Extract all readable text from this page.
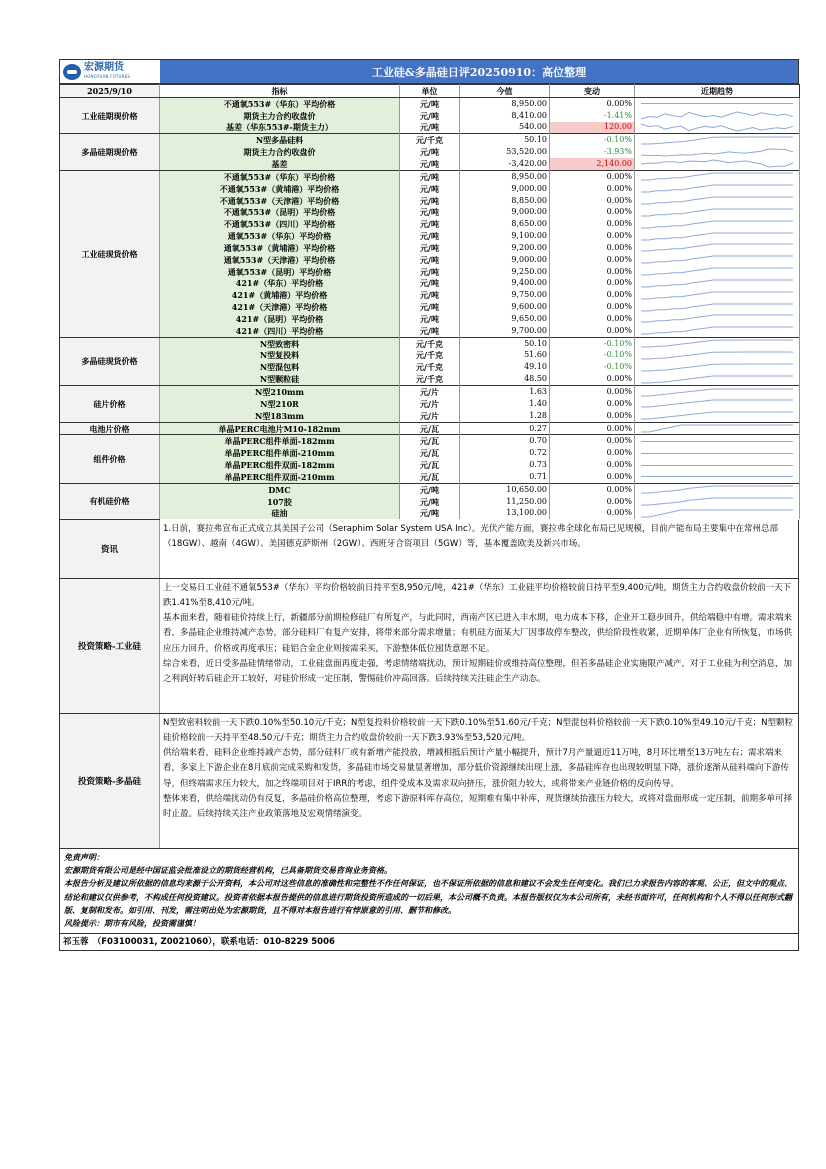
宏源期货
HONGYUAN FUTURES	工业硅&多晶硅日评20250910：高位整理
2025/9/10	指标	单位	今值	变动	近期趋势
工业硅期现价格	不通氧553#（华东）平均价格	元/吨	8,950.00	0.00%	

	期货主力合约收盘价	元/吨	8,410.00	-1.41%	

	基差（华东553#-期货主力）	元/吨	540.00	120.00	

多晶硅期现价格	N型多晶硅料	元/千克	50.10	-0.10%	

	期货主力合约收盘价	元/吨	53,520.00	-3.93%	

	基差	元/吨	-3,420.00	2,140.00	

工业硅现货价格	不通氧553#（华东）平均价格	元/吨	8,950.00	0.00%	

	不通氧553#（黄埔港）平均价格	元/吨	9,000.00	0.00%	

	不通氧553#（天津港）平均价格	元/吨	8,850.00	0.00%	

	不通氧553#（昆明）平均价格	元/吨	9,000.00	0.00%	

	不通氧553#（四川）平均价格	元/吨	8,650.00	0.00%	

	通氧553#（华东）平均价格	元/吨	9,100.00	0.00%	

	通氧553#（黄埔港）平均价格	元/吨	9,200.00	0.00%	

	通氧553#（天津港）平均价格	元/吨	9,000.00	0.00%	

	通氧553#（昆明）平均价格	元/吨	9,250.00	0.00%	

	421#（华东）平均价格	元/吨	9,400.00	0.00%	

	421#（黄埔港）平均价格	元/吨	9,750.00	0.00%	

	421#（天津港）平均价格	元/吨	9,600.00	0.00%	

	421#（昆明）平均价格	元/吨	9,650.00	0.00%	

	421#（四川）平均价格	元/吨	9,700.00	0.00%	

多晶硅现货价格	N型致密料	元/千克	50.10	-0.10%	

	N型复投料	元/千克	51.60	-0.10%	

	N型混包料	元/千克	49.10	-0.10%	

	N型颗粒硅	元/千克	48.50	0.00%	

硅片价格	N型210mm	元/片	1.63	0.00%	

	N型210R	元/片	1.40	0.00%	

	N型183mm	元/片	1.28	0.00%	

电池片价格	单晶PERC电池片M10-182mm	元/瓦	0.27	0.00%	

组件价格	单晶PERC组件单面-182mm	元/瓦	0.70	0.00%	

	单晶PERC组件单面-210mm	元/瓦	0.72	0.00%	

	单晶PERC组件双面-182mm	元/瓦	0.73	0.00%	

	单晶PERC组件双面-210mm	元/瓦	0.71	0.00%	

有机硅价格	DMC	元/吨	10,650.00	0.00%	

	107胶	元/吨	11,250.00	0.00%	

	硅油	元/吨	13,100.00	0.00%	
资讯

1.日前，赛拉弗宣布正式成立其美国子公司（Seraphim Solar System USA Inc）。光伏产能方面，赛拉弗全球化布局已见规模，目前产能布局主要集中在常州总部（18GW）、越南（4GW）、美国德克萨斯州（2GW）、西班牙合资项目（5GW）等，基本覆盖欧美及新兴市场。

投资策略-工业硅

上一交易日工业硅不通氧553#（华东）平均价格较前日持平至8,950元/吨，421#（华东）工业硅平均价格较前日持平至9,400元/吨，期货主力合约收盘价较前一天下跌1.41%至8,410元/吨。

基本面来看，随着硅价持续上行，新疆部分前期检修硅厂有所复产，与此同时，西南产区已进入丰水期，电力成本下移，企业开工稳步回升，供给端稳中有增。需求端来看，多晶硅企业维持减产态势，部分硅料厂有复产安排，将带来部分需求增量；有机硅方面某大厂因事故停车整改，供给阶段性收紧，近期单体厂企业有所恢复，市场供应压力回升，价格或再度承压；硅铝合金企业则按需采买，下游整体低位囤货意愿不足。

综合来看，近日受多晶硅情绪带动，工业硅盘面再度走强，考虑情绪端扰动，预计短期硅价或维持高位整理，但若多晶硅企业实施限产减产，对于工业硅为利空消息，加之利润好转后硅企开工较好，对硅价形成一定压制，警惕硅价冲高回落。后续持续关注硅企生产动态。

投资策略-多晶硅

N型致密料较前一天下跌0.10%至50.10元/千克；N型复投料价格较前一天下跌0.10%至51.60元/千克；N型混包料价格较前一天下跌0.10%至49.10元/千克；N型颗粒硅价格较前一天持平至48.50元/千克；期货主力合约收盘价较前一天下跌3.93%至53,520元/吨。

供给端来看，硅料企业维持减产态势，部分硅料厂或有新增产能投放，增减相抵后预计产量小幅提升，预计7月产量逼近11万吨，8月环比增至13万吨左右；需求端来看，多家上下游企业在8月底前完成采购和发货，多晶硅市场交易量显著增加，部分低价资源继续出现上涨，多晶硅库存也出现较明显下降，涨价逐渐从硅料端向下游传导，但终端需求压力较大，加之终端项目对于IRR的考虑，组件受成本及需求双向挤压，涨价阻力较大，或将带来产业链价格的反向传导。

整体来看，供给端扰动仍有反复，多晶硅价格高位整理，考虑下游原料库存高位，短期难有集中补库，现货继续抬涨压力较大，或将对盘面形成一定压制，前期多单可择时止盈。后续持续关注产业政策落地及宏观情绪演变。

免责声明：

宏源期货有限公司是经中国证监会批准设立的期货经营机构，已具备期货交易咨询业务资格。

本报告分析及建议所依据的信息均来源于公开资料，本公司对这些信息的准确性和完整性不作任何保证，也不保证所依据的信息和建议不会发生任何变化。我们已力求报告内容的客观、公正，但文中的观点、结论和建议仅供参考，不构成任何投资建议。投资者依据本报告提供的信息进行期货投资所造成的一切后果，本公司概不负责。本报告版权仅为本公司所有，未经书面许可，任何机构和个人不得以任何形式翻版、复制和发布。如引用、刊发，需注明出处为宏源期货，且不得对本报告进行有悖原意的引用、删节和修改。

风险提示：期市有风险，投资需谨慎！

祁玉蓉　（F03100031, Z0021060），联系电话：010-8229 5006
